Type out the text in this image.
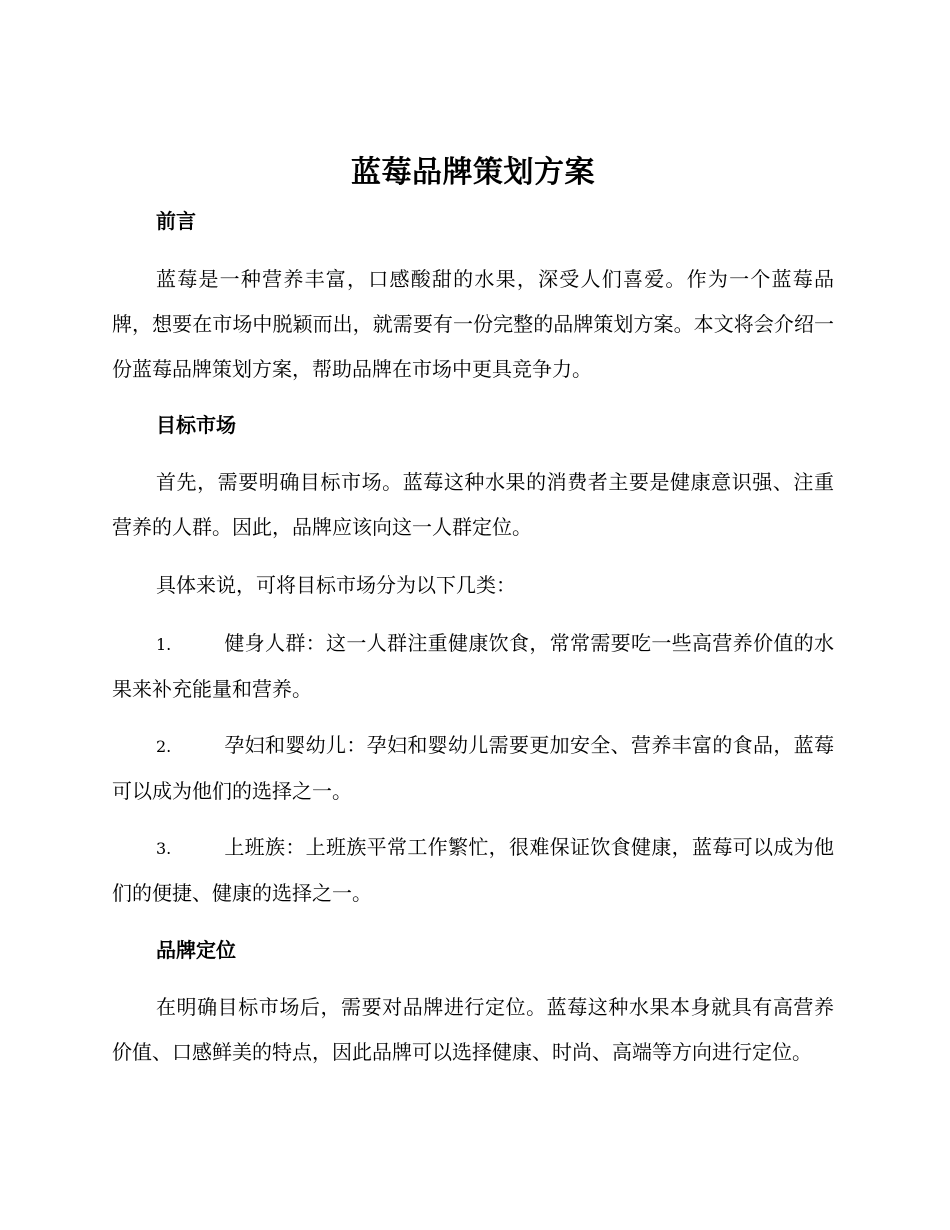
蓝莓品牌策划方案
前言

蓝莓是一种营养丰富，口感酸甜的水果，深受人们喜爱。作为一个蓝莓品牌，想要在市场中脱颖而出，就需要有一份完整的品牌策划方案。本文将会介绍一份蓝莓品牌策划方案，帮助品牌在市场中更具竞争力。

目标市场

首先，需要明确目标市场。蓝莓这种水果的消费者主要是健康意识强、注重营养的人群。因此，品牌应该向这一人群定位。

具体来说，可将目标市场分为以下几类：

1.	健身人群：这一人群注重健康饮食，常常需要吃一些高营养价值的水果来补充能量和营养。

2.	孕妇和婴幼儿：孕妇和婴幼儿需要更加安全、营养丰富的食品，蓝莓可以成为他们的选择之一。

3.	上班族：上班族平常工作繁忙，很难保证饮食健康，蓝莓可以成为他们的便捷、健康的选择之一。

品牌定位

在明确目标市场后，需要对品牌进行定位。蓝莓这种水果本身就具有高营养价值、口感鲜美的特点，因此品牌可以选择健康、时尚、高端等方向进行定位。
